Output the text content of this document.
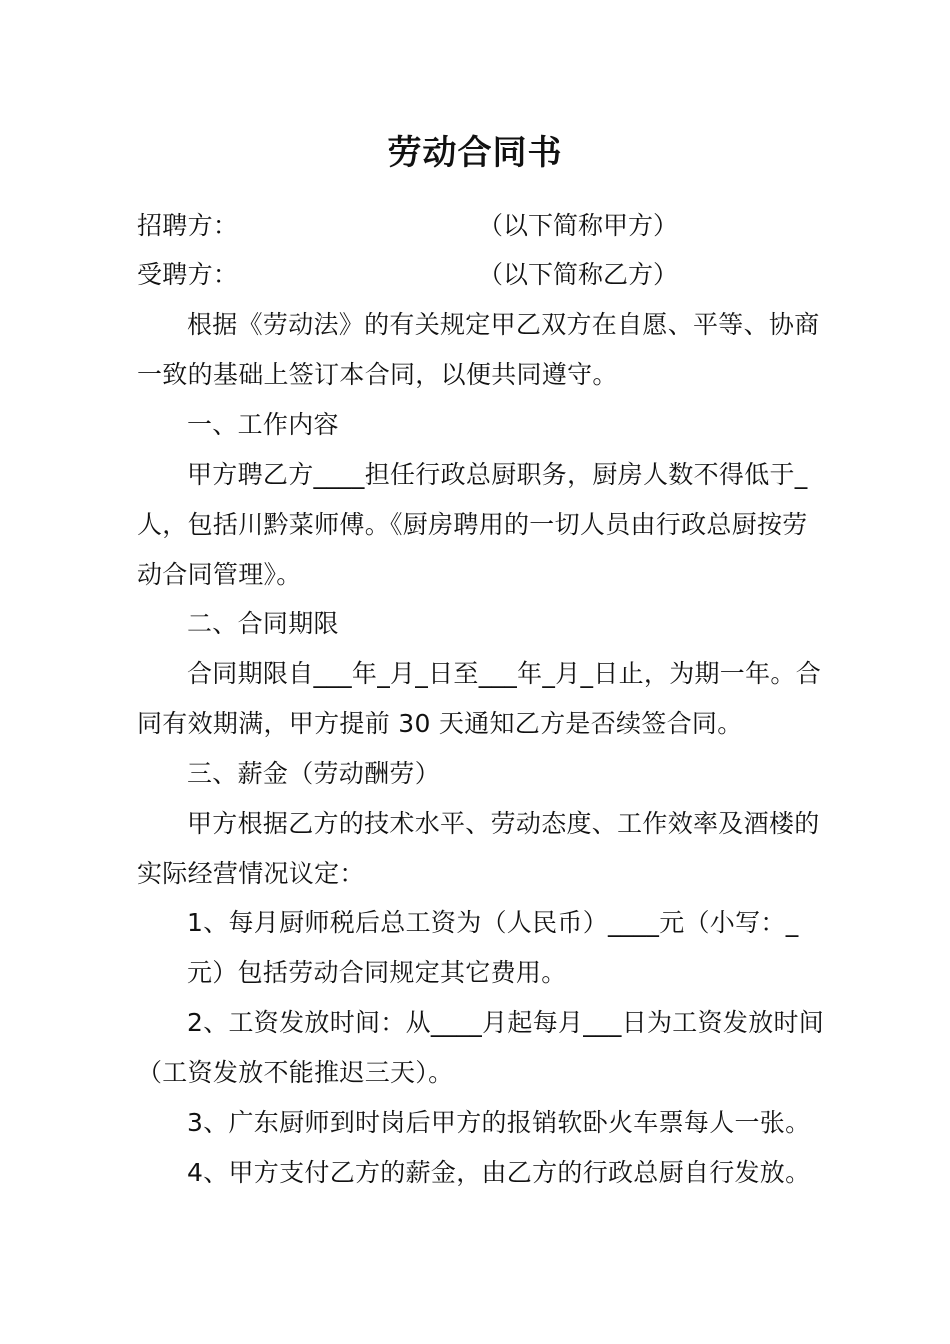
劳动合同书
招聘方：	（以下简称甲方）
受聘方：	（以下简称乙方）
根据《劳动法》的有关规定甲乙双方在自愿、平等、协商
一致的基础上签订本合同，以便共同遵守。
一、工作内容
甲方聘乙方____担任行政总厨职务，厨房人数不得低于_
人，包括川黔菜师傅。《厨房聘用的一切人员由行政总厨按劳
动合同管理》。
二、合同期限
合同期限自___年_月_日至___年_月_日止，为期一年。合
同有效期满，甲方提前 30 天通知乙方是否续签合同。
三、薪金（劳动酬劳）
甲方根据乙方的技术水平、劳动态度、工作效率及酒楼的
实际经营情况议定：
1、每月厨师税后总工资为（人民币）____元（小写：_
元）包括劳动合同规定其它费用。
2、工资发放时间：从____月起每月___日为工资发放时间
（工资发放不能推迟三天）。
3、广东厨师到时岗后甲方的报销软卧火车票每人一张。
4、甲方支付乙方的薪金，由乙方的行政总厨自行发放。
